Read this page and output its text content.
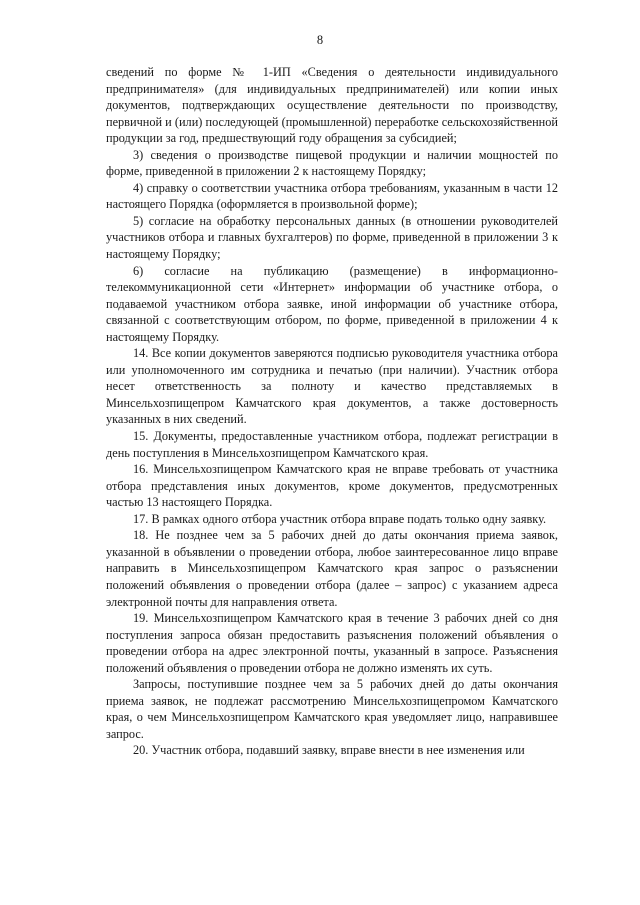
8

сведений по форме № 1-ИП «Сведения о деятельности индивидуального предпринимателя» (для индивидуальных предпринимателей) или копии иных документов, подтверждающих осуществление деятельности по производству, первичной и (или) последующей (промышленной) переработке сельскохозяйственной продукции за год, предшествующий году обращения за субсидией;

3) сведения о производстве пищевой продукции и наличии мощностей по форме, приведенной в приложении 2 к настоящему Порядку;

4) справку о соответствии участника отбора требованиям, указанным в части 12 настоящего Порядка (оформляется в произвольной форме);

5) согласие на обработку персональных данных (в отношении руководителей участников отбора и главных бухгалтеров) по форме, приведенной в приложении 3 к настоящему Порядку;

6) согласие на публикацию (размещение) в информационно-телекоммуникационной сети «Интернет» информации об участнике отбора, о подаваемой участником отбора заявке, иной информации об участнике отбора, связанной с соответствующим отбором, по форме, приведенной в приложении 4 к настоящему Порядку.

14. Все копии документов заверяются подписью руководителя участника отбора или уполномоченного им сотрудника и печатью (при наличии). Участник отбора несет ответственность за полноту и качество представляемых в Минсельхозпищепром Камчатского края документов, а также достоверность указанных в них сведений.

15. Документы, предоставленные участником отбора, подлежат регистрации в день поступления в Минсельхозпищепром Камчатского края.

16. Минсельхозпищепром Камчатского края не вправе требовать от участника отбора представления иных документов, кроме документов, предусмотренных частью 13 настоящего Порядка.

17. В рамках одного отбора участник отбора вправе подать только одну заявку.

18. Не позднее чем за 5 рабочих дней до даты окончания приема заявок, указанной в объявлении о проведении отбора, любое заинтересованное лицо вправе направить в Минсельхозпищепром Камчатского края запрос о разъяснении положений объявления о проведении отбора (далее – запрос) с указанием адреса электронной почты для направления ответа.

19. Минсельхозпищепром Камчатского края в течение 3 рабочих дней со дня поступления запроса обязан предоставить разъяснения положений объявления о проведении отбора на адрес электронной почты, указанный в запросе. Разъяснения положений объявления о проведении отбора не должно изменять их суть.

Запросы, поступившие позднее чем за 5 рабочих дней до даты окончания приема заявок, не подлежат рассмотрению Минсельхозпищепромом Камчатского края, о чем Минсельхозпищепром Камчатского края уведомляет лицо, направившее запрос.

20. Участник отбора, подавший заявку, вправе внести в нее изменения или
